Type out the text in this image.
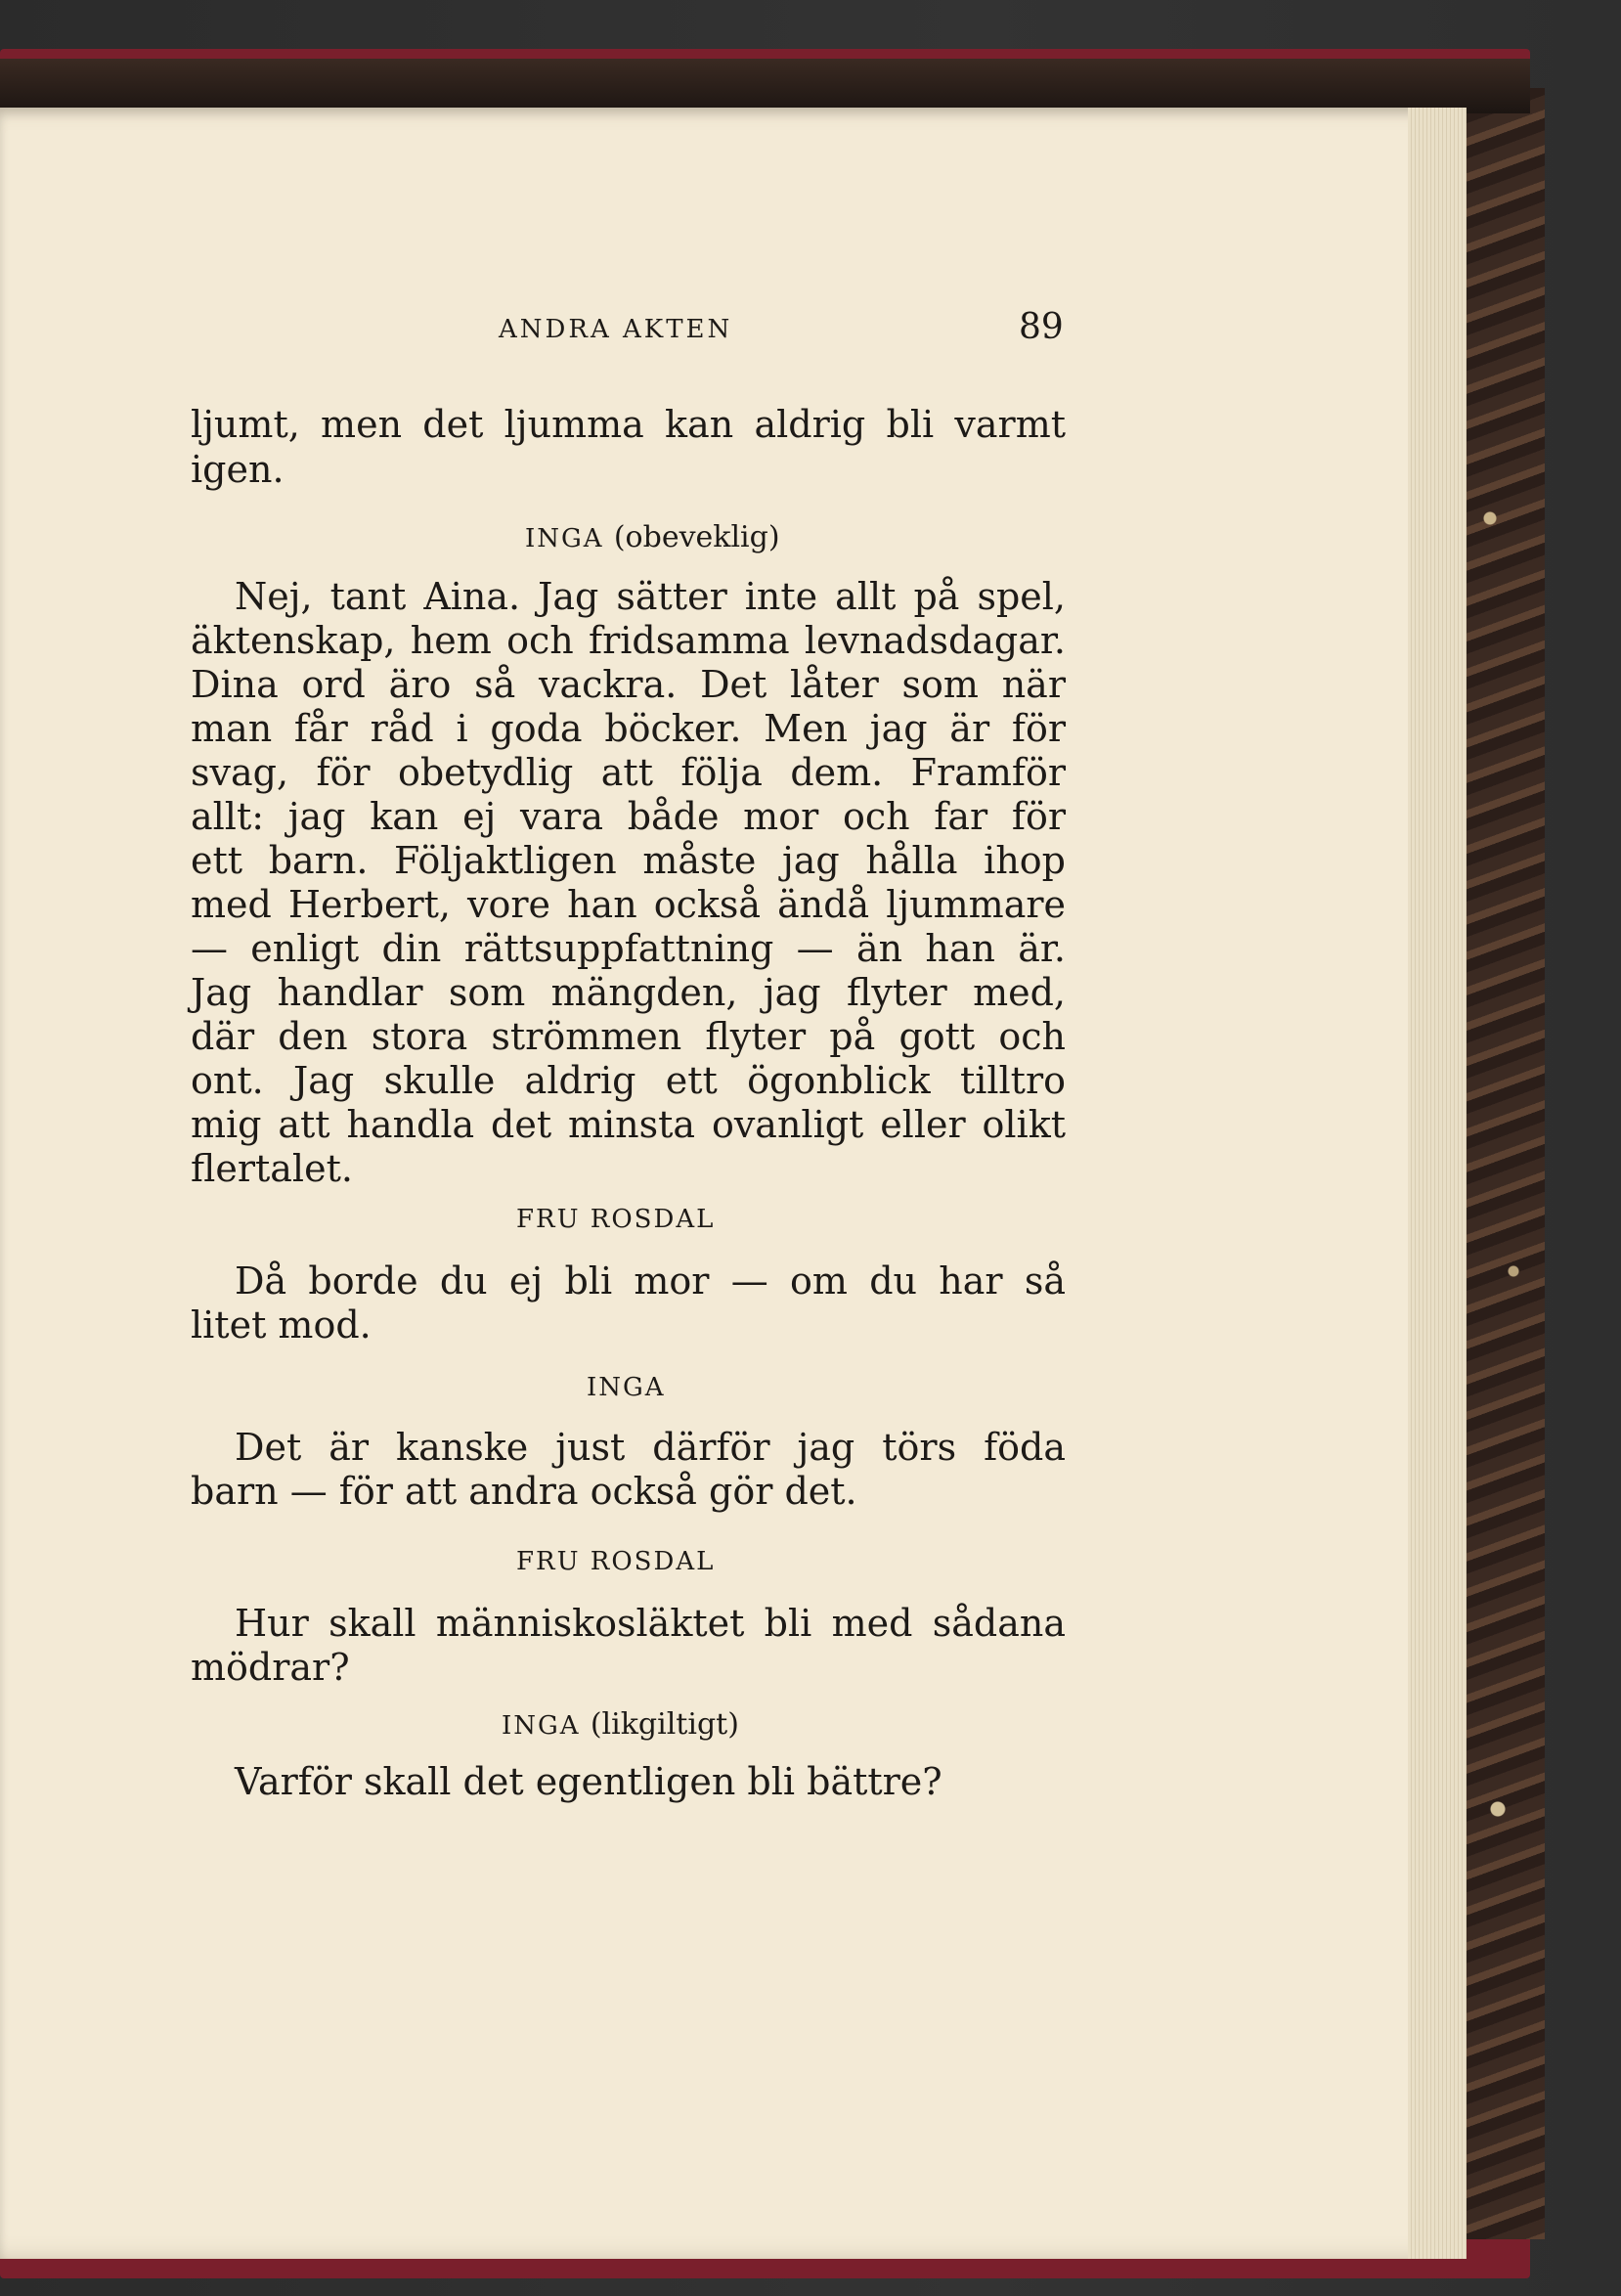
ANDRA AKTEN	89
ljumt, men det ljumma kan aldrig bli varmt
igen.
INGA (obeveklig)
Nej, tant Aina. Jag sätter inte allt på spel,
äktenskap, hem och fridsamma levnadsdagar.
Dina ord äro så vackra. Det låter som när
man får råd i goda böcker. Men jag är för
svag, för obetydlig att följa dem. Framför
allt: jag kan ej vara både mor och far för
ett barn. Följaktligen måste jag hålla ihop
med Herbert, vore han också ändå ljummare
— enligt din rättsuppfattning — än han är.
Jag handlar som mängden, jag flyter med,
där den stora strömmen flyter på gott och
ont. Jag skulle aldrig ett ögonblick tilltro
mig att handla det minsta ovanligt eller olikt
flertalet.
FRU ROSDAL
Då borde du ej bli mor — om du har så
litet mod.
INGA
Det är kanske just därför jag törs föda
barn — för att andra också gör det.
FRU ROSDAL
Hur skall människosläktet bli med sådana
mödrar?
INGA (likgiltigt)
Varför skall det egentligen bli bättre?
